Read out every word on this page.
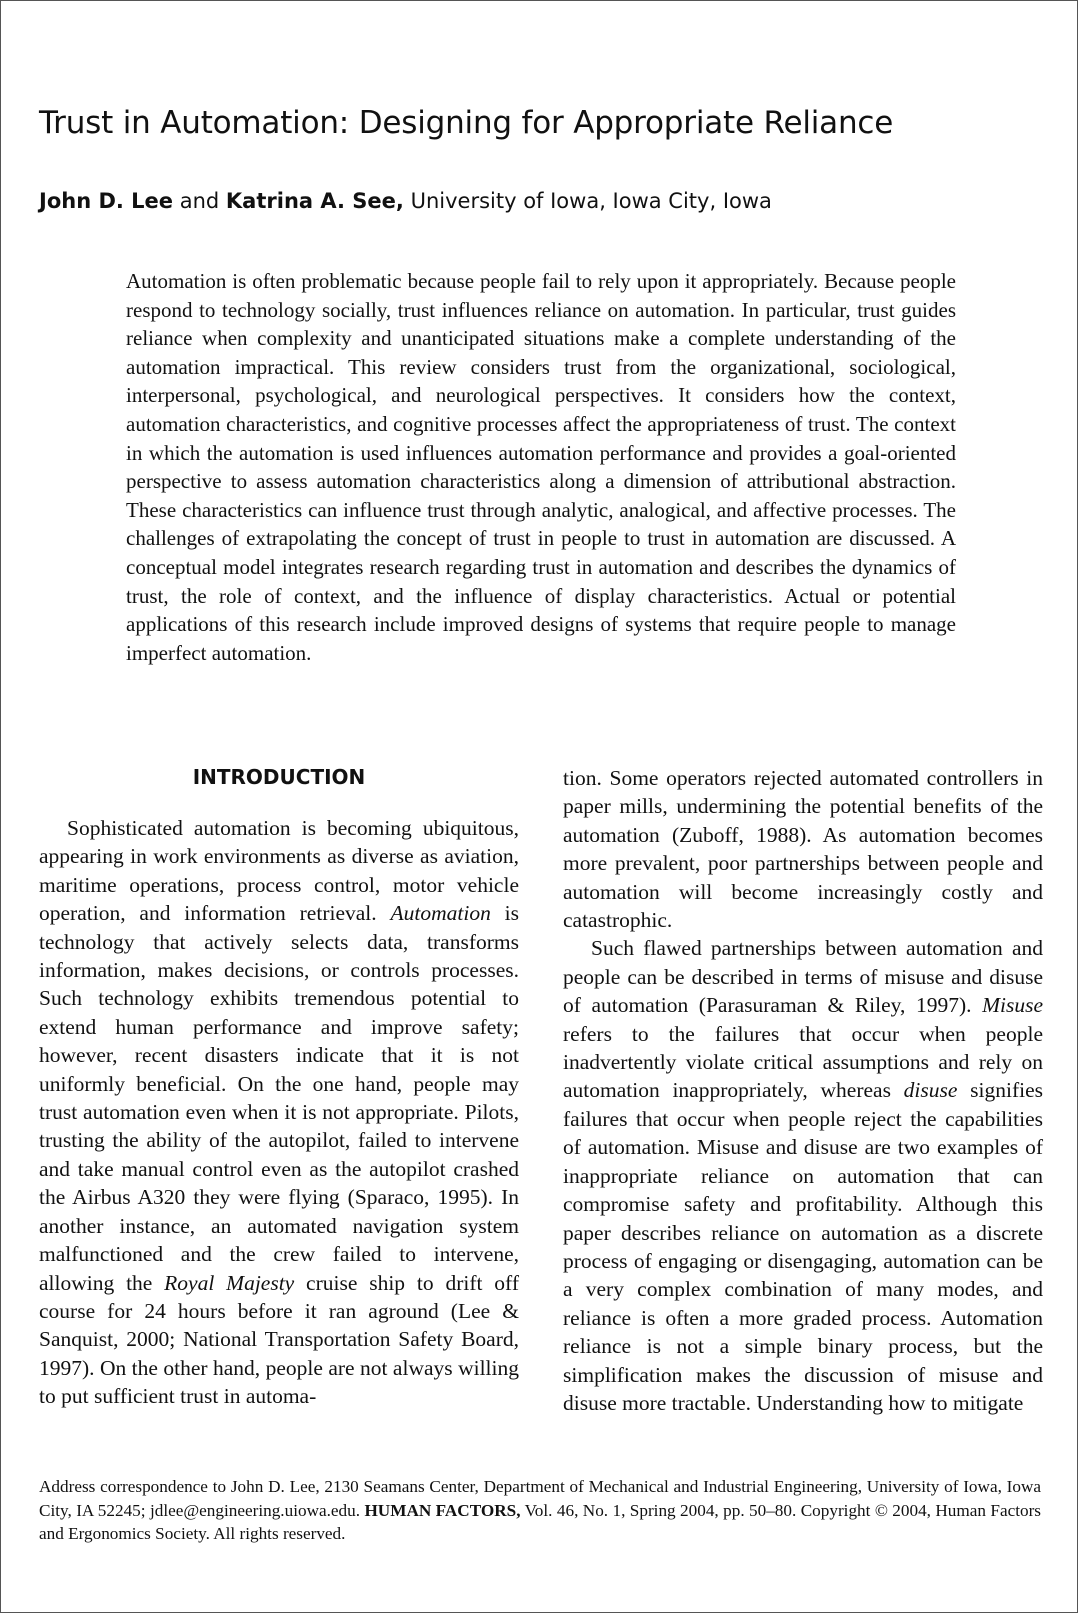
Trust in Automation: Designing for Appropriate Reliance

John D. Lee and Katrina A. See, University of Iowa, Iowa City, Iowa

Automation is often problematic because people fail to rely upon it appropriately. Because people respond to technology socially, trust influences reliance on automation. In particular, trust guides reliance when complexity and unanticipated situations make a complete understanding of the automation impractical. This review considers trust from the organizational, sociological, interpersonal, psychological, and neurological perspectives. It considers how the context, automation characteristics, and cognitive processes affect the appropriateness of trust. The context in which the automation is used influences automation performance and provides a goal-oriented perspective to assess automation characteristics along a dimension of attributional abstraction. These characteristics can influence trust through analytic, analogical, and affective processes. The challenges of extrapolating the concept of trust in people to trust in automation are discussed. A conceptual model integrates research regarding trust in automation and describes the dynamics of trust, the role of context, and the influence of display characteristics. Actual or potential applications of this research include improved designs of systems that require people to manage imperfect automation.

INTRODUCTION

Sophisticated automation is becoming ubiquitous, appearing in work environments as diverse as aviation, maritime operations, process control, motor vehicle operation, and information retrieval. Automation is technology that actively selects data, transforms information, makes decisions, or controls processes. Such technology exhibits tremendous potential to extend human performance and improve safety; however, recent disasters indicate that it is not uniformly beneficial. On the one hand, people may trust automation even when it is not appropriate. Pilots, trusting the ability of the autopilot, failed to intervene and take manual control even as the autopilot crashed the Airbus A320 they were flying (Sparaco, 1995). In another instance, an automated navigation system malfunctioned and the crew failed to intervene, allowing the Royal Majesty cruise ship to drift off course for 24 hours before it ran aground (Lee & Sanquist, 2000; National Transportation Safety Board, 1997). On the other hand, people are not always willing to put sufficient trust in automa-

tion. Some operators rejected automated controllers in paper mills, undermining the potential benefits of the automation (Zuboff, 1988). As automation becomes more prevalent, poor partnerships between people and automation will become increasingly costly and catastrophic.

Such flawed partnerships between automation and people can be described in terms of misuse and disuse of automation (Parasuraman & Riley, 1997). Misuse refers to the failures that occur when people inadvertently violate critical assumptions and rely on automation inappropriately, whereas disuse signifies failures that occur when people reject the capabilities of automation. Misuse and disuse are two examples of inappropriate reliance on automation that can compromise safety and profitability. Although this paper describes reliance on automation as a discrete process of engaging or disengaging, automation can be a very complex combination of many modes, and reliance is often a more graded process. Automation reliance is not a simple binary process, but the simplification makes the discussion of misuse and disuse more tractable. Understanding how to mitigate

Address correspondence to John D. Lee, 2130 Seamans Center, Department of Mechanical and Industrial Engineering, University of Iowa, Iowa City, IA 52245; jdlee@engineering.uiowa.edu. HUMAN FACTORS, Vol. 46, No. 1, Spring 2004, pp. 50–80. Copyright © 2004, Human Factors and Ergonomics Society. All rights reserved.
